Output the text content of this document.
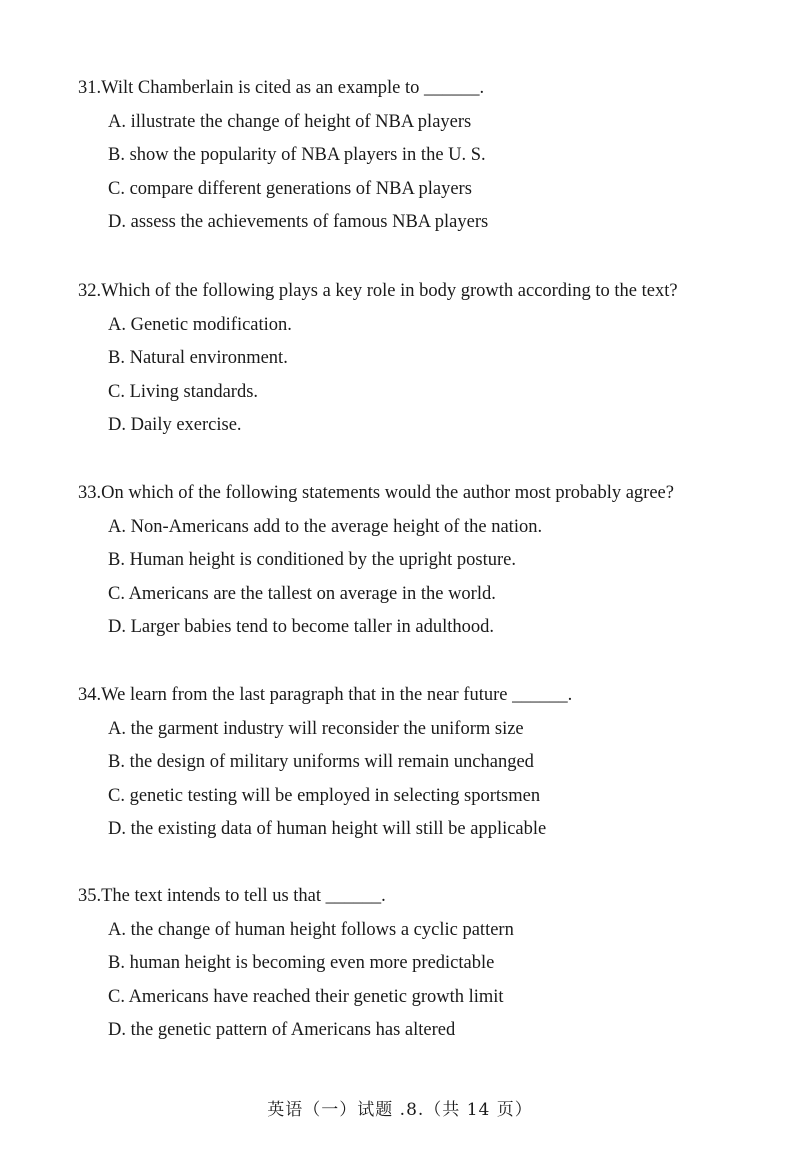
31.Wilt Chamberlain is cited as an example to ______.
A. illustrate the change of height of NBA players
B. show the popularity of NBA players in the U. S.
C. compare different generations of NBA players
D. assess the achievements of famous NBA players
32.Which of the following plays a key role in body growth according to the text?
A. Genetic modification.
B. Natural environment.
C. Living standards.
D. Daily exercise.
33.On which of the following statements would the author most probably agree?
A. Non-Americans add to the average height of the nation.
B. Human height is conditioned by the upright posture.
C. Americans are the tallest on average in the world.
D. Larger babies tend to become taller in adulthood.
34.We learn from the last paragraph that in the near future ______.
A. the garment industry will reconsider the uniform size
B. the design of military uniforms will remain unchanged
C. genetic testing will be employed in selecting sportsmen
D. the existing data of human height will still be applicable
35.The text intends to tell us that ______.
A. the change of human height follows a cyclic pattern
B. human height is becoming even more predictable
C. Americans have reached their genetic growth limit
D. the genetic pattern of Americans has altered
英语（一）试题 .8.（共 14 页）
